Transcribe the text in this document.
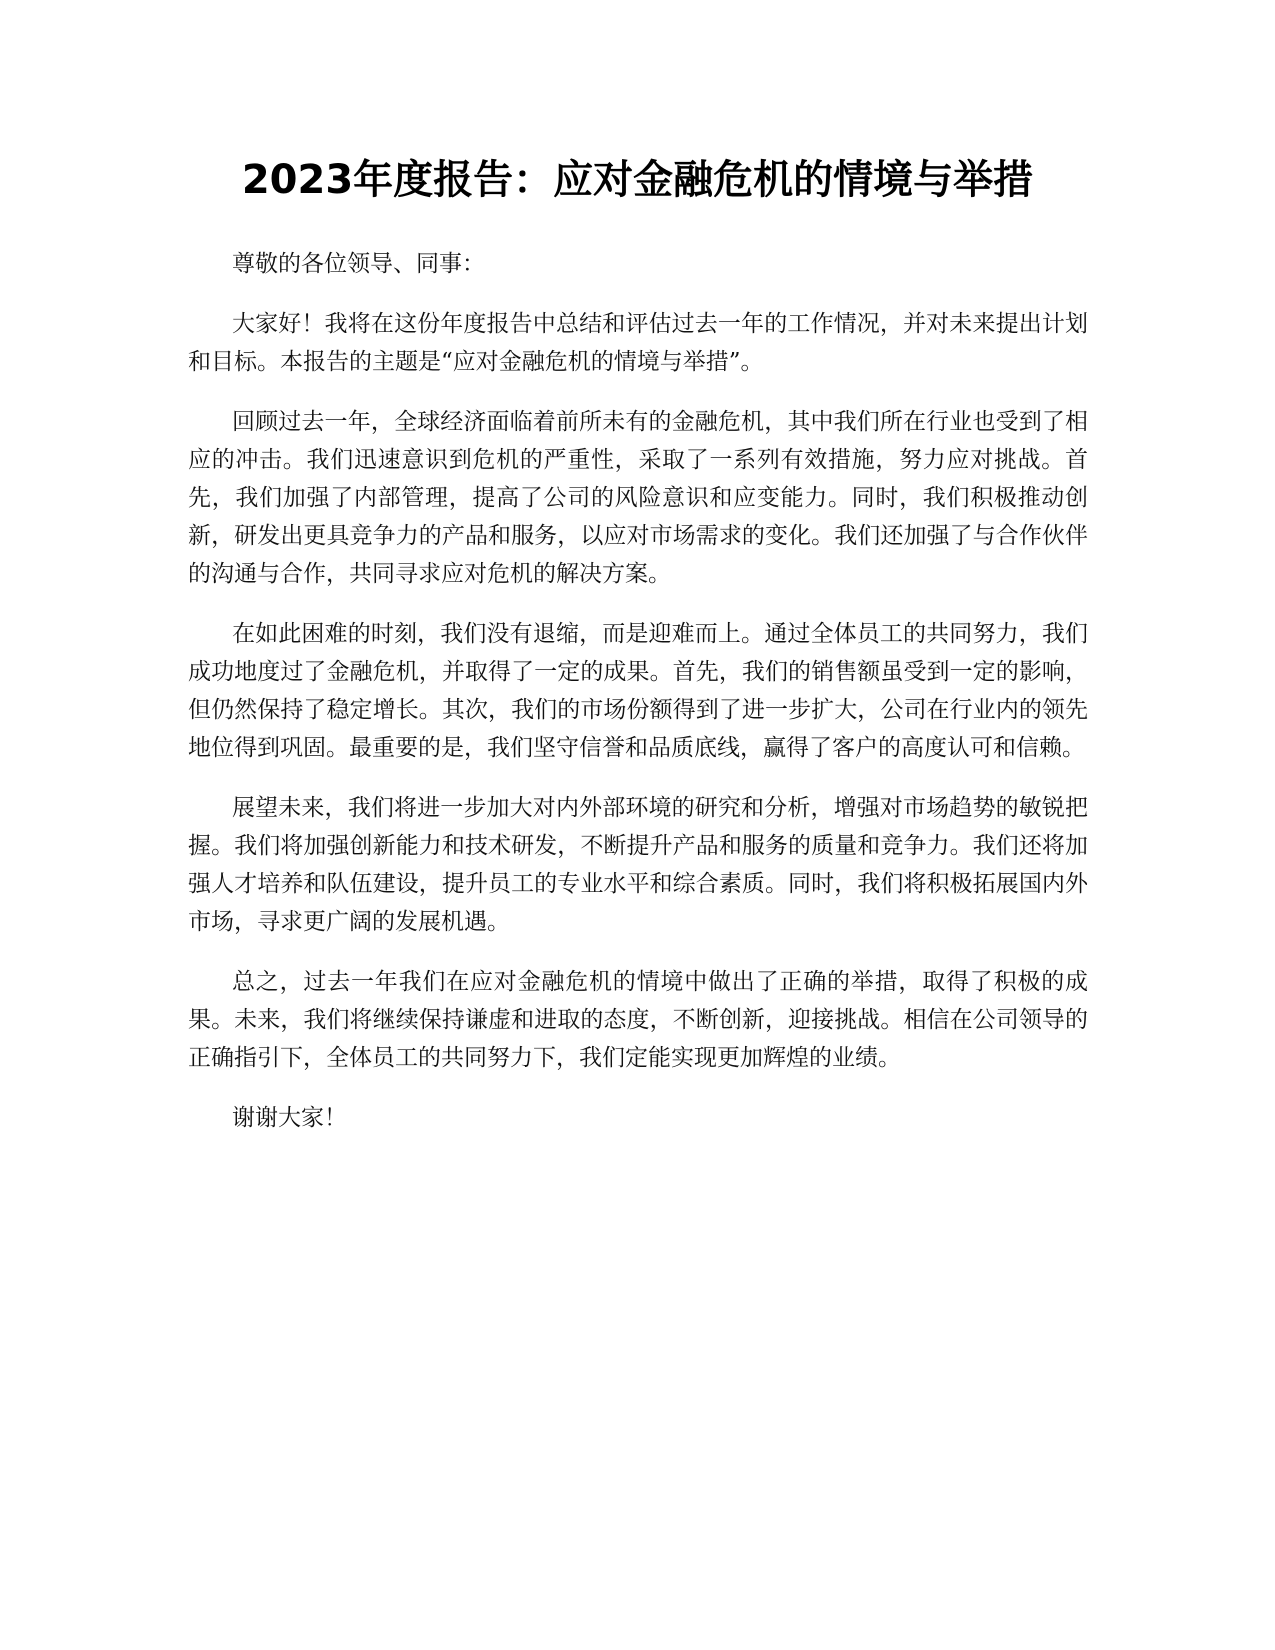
2023年度报告：应对金融危机的情境与举措

尊敬的各位领导、同事：

大家好！我将在这份年度报告中总结和评估过去一年的工作情况，并对未来提出计划和目标。本报告的主题是“应对金融危机的情境与举措”。

回顾过去一年，全球经济面临着前所未有的金融危机，其中我们所在行业也受到了相应的冲击。我们迅速意识到危机的严重性，采取了一系列有效措施，努力应对挑战。首先，我们加强了内部管理，提高了公司的风险意识和应变能力。同时，我们积极推动创新，研发出更具竞争力的产品和服务，以应对市场需求的变化。我们还加强了与合作伙伴的沟通与合作，共同寻求应对危机的解决方案。

在如此困难的时刻，我们没有退缩，而是迎难而上。通过全体员工的共同努力，我们成功地度过了金融危机，并取得了一定的成果。首先，我们的销售额虽受到一定的影响，但仍然保持了稳定增长。其次，我们的市场份额得到了进一步扩大，公司在行业内的领先地位得到巩固。最重要的是，我们坚守信誉和品质底线，赢得了客户的高度认可和信赖。

展望未来，我们将进一步加大对内外部环境的研究和分析，增强对市场趋势的敏锐把握。我们将加强创新能力和技术研发，不断提升产品和服务的质量和竞争力。我们还将加强人才培养和队伍建设，提升员工的专业水平和综合素质。同时，我们将积极拓展国内外市场，寻求更广阔的发展机遇。

总之，过去一年我们在应对金融危机的情境中做出了正确的举措，取得了积极的成果。未来，我们将继续保持谦虚和进取的态度，不断创新，迎接挑战。相信在公司领导的正确指引下，全体员工的共同努力下，我们定能实现更加辉煌的业绩。

谢谢大家！
